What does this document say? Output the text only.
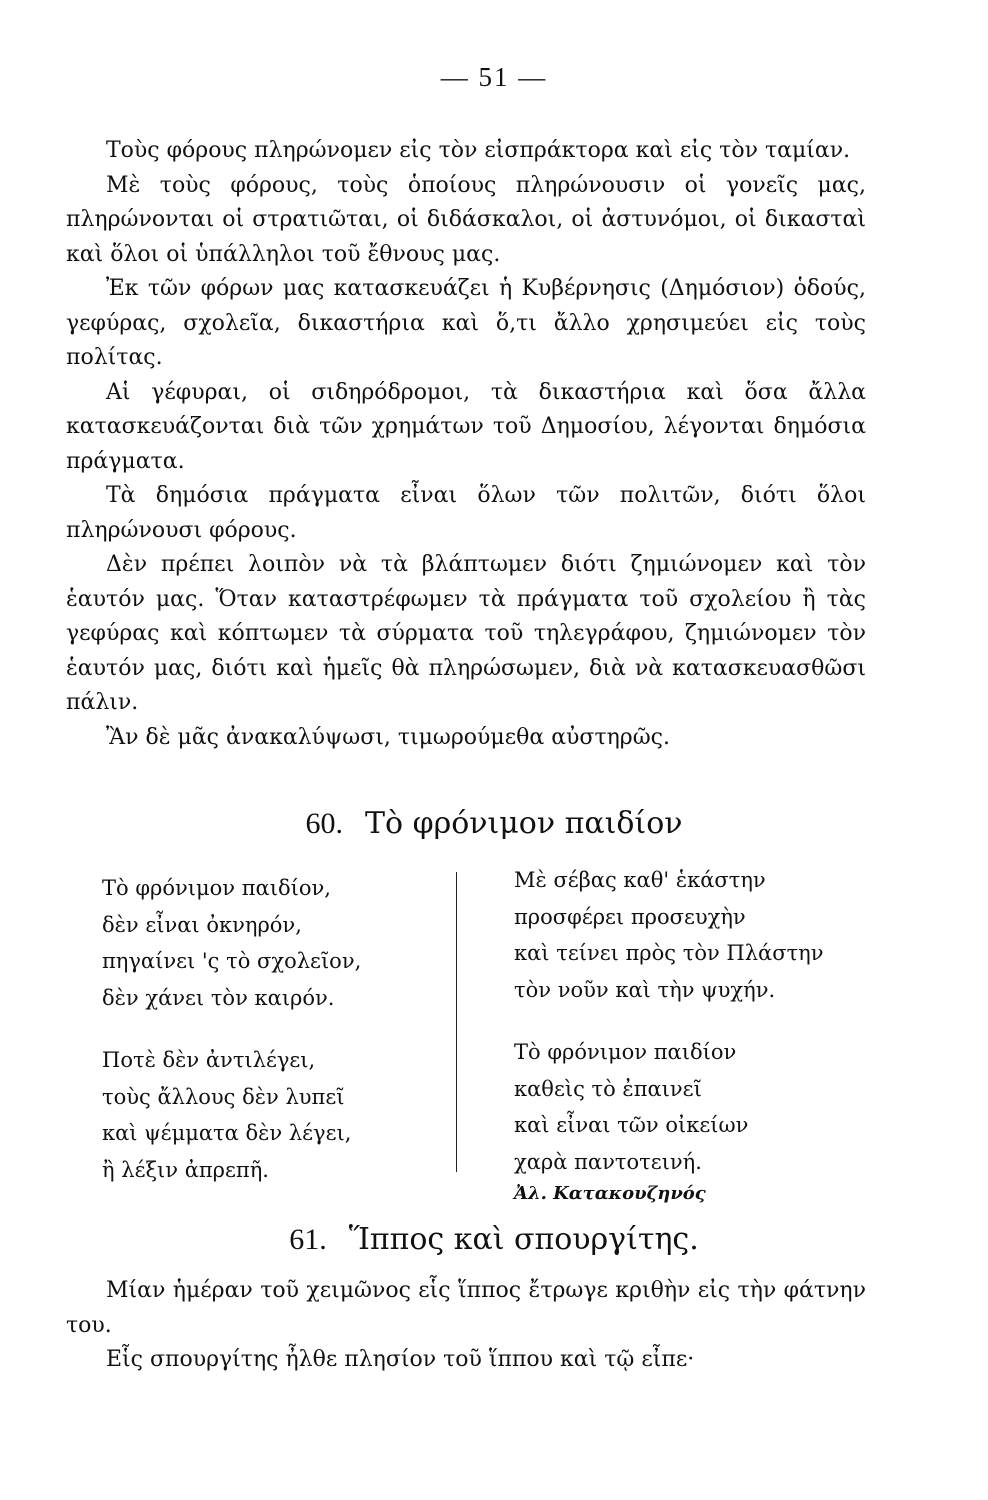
— 51 —

Τοὺς φόρους πληρώνομεν εἰς τὸν εἰσπράκτορα καὶ εἰς τὸν ταμίαν.

Μὲ τοὺς φόρους, τοὺς ὁποίους πληρώνουσιν οἱ γονεῖς μας, πληρώνονται οἱ στρατιῶται, οἱ διδάσκαλοι, οἱ ἀστυνόμοι, οἱ δικασταὶ καὶ ὅλοι οἱ ὑπάλληλοι τοῦ ἔθνους μας.

Ἐκ τῶν φόρων μας κατασκευάζει ἡ Κυβέρνησις (Δημόσιον) ὁδούς, γεφύρας, σχολεῖα, δικαστήρια καὶ ὅ,τι ἄλλο χρησιμεύει εἰς τοὺς πολίτας.

Αἱ γέφυραι, οἱ σιδηρόδρομοι, τὰ δικαστήρια καὶ ὅσα ἄλλα κατασκευάζονται διὰ τῶν χρημάτων τοῦ Δημοσίου, λέγονται δημόσια πράγματα.

Τὰ δημόσια πράγματα εἶναι ὅλων τῶν πολιτῶν, διότι ὅλοι πληρώνουσι φόρους.

Δὲν πρέπει λοιπὸν νὰ τὰ βλάπτωμεν διότι ζημιώνομεν καὶ τὸν ἑαυτόν μας. Ὅταν καταστρέφωμεν τὰ πράγματα τοῦ σχολείου ἢ τὰς γεφύρας καὶ κόπτωμεν τὰ σύρματα τοῦ τηλεγράφου, ζημιώνομεν τὸν ἑαυτόν μας, διότι καὶ ἡμεῖς θὰ πληρώσωμεν, διὰ νὰ κατασκευασθῶσι πάλιν.

Ἂν δὲ μᾶς ἀνακαλύψωσι, τιμωρούμεθα αὐστηρῶς.

60. Τὸ φρόνιμον παιδίον
Τὸ φρόνιμον παιδίον,
δὲν εἶναι ὀκνηρόν,
πηγαίνει 'ς τὸ σχολεῖον,
δὲν χάνει τὸν καιρόν.
Ποτὲ δὲν ἀντιλέγει,
τοὺς ἄλλους δὲν λυπεῖ
καὶ ψέμματα δὲν λέγει,
ἢ λέξιν ἀπρεπῆ.
Μὲ σέβας καθ' ἑκάστην
προσφέρει προσευχὴν
καὶ τείνει πρὸς τὸν Πλάστην
τὸν νοῦν καὶ τὴν ψυχήν.
Τὸ φρόνιμον παιδίον
καθεὶς τὸ ἐπαινεῖ
καὶ εἶναι τῶν οἰκείων
χαρὰ παντοτεινή.
Ἀλ. Κατακουζηνός
61. Ἵππος καὶ σπουργίτης.

Μίαν ἡμέραν τοῦ χειμῶνος εἷς ἵππος ἔτρωγε κριθὴν εἰς τὴν φάτνην του.

Εἷς σπουργίτης ἦλθε πλησίον τοῦ ἵππου καὶ τῷ εἶπε·
